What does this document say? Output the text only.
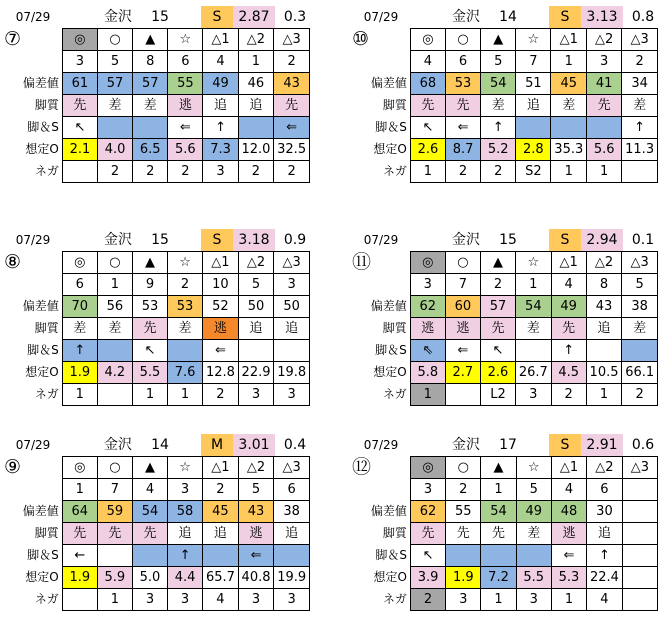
07/29	金沢	15	S	2.87	0.3
⑦	◎	○	▲	☆	△1	△2	△3
	3	5	8	6	4	1	2
偏差値	61	57	57	55	49	46	43
脚質	先	差	差	逃	追	追	先
脚＆S	↖			⇐	↑		⇐
想定O	2.1	4.0	6.5	5.6	7.3	12.0	32.5
ネガ		2	2	2	3	2	2
07/29	金沢	14	S	3.13	0.8
⑩	◎	○	▲	☆	△1	△2	△3
	4	6	5	7	1	3	2
偏差値	68	53	54	51	45	41	34
脚質	先	先	差	追	差	先	差
脚＆S	↖	⇐	↑				↑
想定O	2.6	8.7	5.2	2.8	35.3	5.6	11.3
ネガ	1	2	2	S2	1	1	
07/29	金沢	15	S	3.18	0.9
⑧	◎	○	▲	☆	△1	△2	△3
	6	1	9	2	10	5	3
偏差値	70	56	53	53	52	50	50
脚質	差	差	先	差	逃	追	追
脚＆S	↑		↖		⇐		
想定O	1.9	4.2	5.5	7.6	12.8	22.9	19.8
ネガ	1		1	1	2	3	3
07/29	金沢	15	S	2.94	0.1
⑪	◎	○	▲	☆	△1	△2	△3
	3	7	2	1	4	8	5
偏差値	62	60	57	54	49	43	38
脚質	逃	逃	先	差	先	追	差
脚＆S	⇖	⇐	↖		↑		
想定O	5.8	2.7	2.6	26.7	4.5	10.5	66.1
ネガ	1		L2	3	2	1	2
07/29	金沢	14	M	3.01	0.4
⑨	◎	○	▲	☆	△1	△2	△3
	1	7	4	3	2	5	6
偏差値	64	59	54	58	45	43	38
脚質	先	先	先	追	追	逃	追
脚＆S	←			↑		⇐	
想定O	1.9	5.9	5.0	4.4	65.7	40.8	19.9
ネガ		1	3	3	4	3	3
07/29	金沢	17	S	2.91	0.6
⑫	◎	○	▲	☆	△1	△2	△3
	3	2	1	5	4	6	
偏差値	62	55	54	49	48	30	
脚質	先	先	先	差	逃	追	
脚＆S	↖				⇐	↑	
想定O	3.9	1.9	7.2	5.5	5.3	22.4	
ネガ	2	3	1	3	1	4	
